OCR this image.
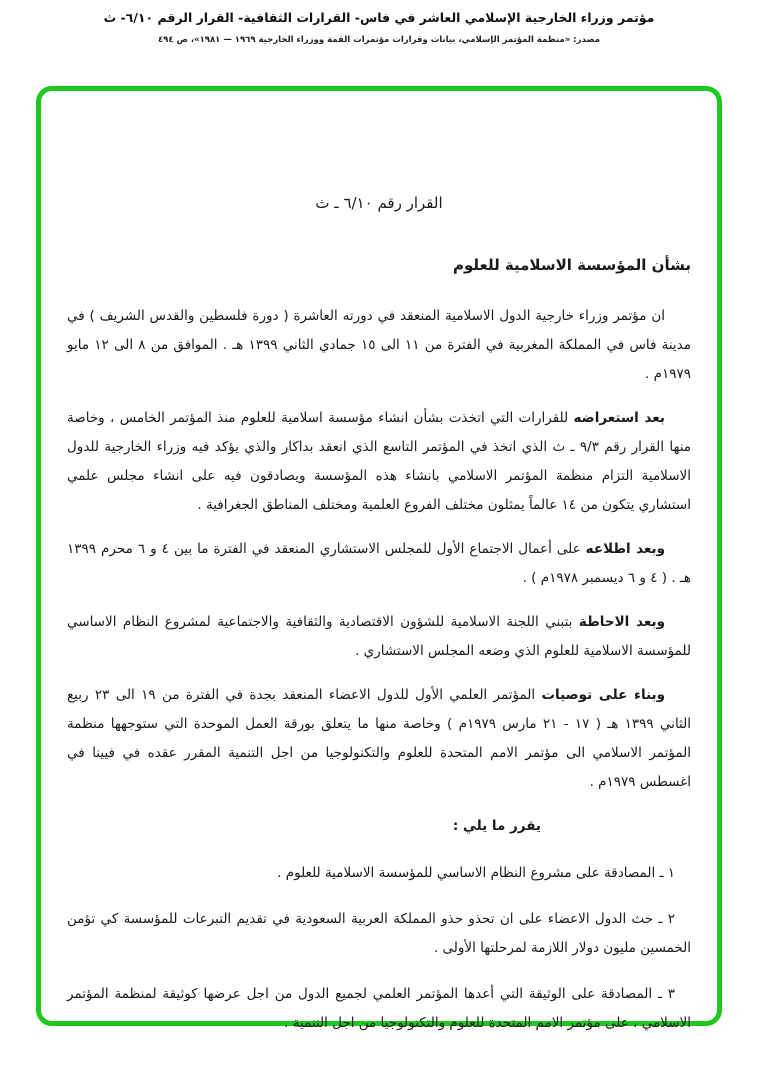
مؤتمر وزراء الخارجية الإسلامي العاشر في فاس- القرارات الثقافية- القرار الرقم ٦/١٠- ث
مصدر: «منظمة المؤتمر الإسلامي، بيانات وقرارات مؤتمرات القمة ووزراء الخارجية ١٩٦٩ — ١٩٨١»، ص ٤٩٤
القرار رقم ٦/١٠ ـ ث
بشأن المؤسسة الاسلامية للعلوم

ان مؤتمر وزراء خارجية الدول الاسلامية المنعقد في دورته العاشرة ( دورة فلسطين والقدس الشريف ) في مدينة فاس في المملكة المغربية في الفترة من ١١ الى ١٥ جمادي الثاني ١٣٩٩ هـ . الموافق من ٨ الى ١٢ مايو ١٩٧٩م .

بعد استعراضه للقرارات التي اتخذت بشأن انشاء مؤسسة اسلامية للعلوم منذ المؤتمر الخامس ، وخاصة منها القرار رقم ٩/٣ ـ ث الذي اتخذ في المؤتمر التاسع الذي انعقد بداكار والذي يؤكد فيه وزراء الخارجية للدول الاسلامية التزام منظمة المؤتمر الاسلامي بانشاء هذه المؤسسة ويصادقون فيه على انشاء مجلس علمي استشاري يتكون من ١٤ عالماً يمثلون مختلف الفروع العلمية ومختلف المناطق الجغرافية .

وبعد اطلاعه على أعمال الاجتماع الأول للمجلس الاستشاري المنعقد في الفترة ما بين ٤ و ٦ محرم ١٣٩٩ هـ . ( ٤ و ٦ ديسمبر ١٩٧٨م ) .

وبعد الاحاطة بتبني اللجنة الاسلامية للشؤون الاقتصادية والثقافية والاجتماعية لمشروع النظام الاساسي للمؤسسة الاسلامية للعلوم الذي وضعه المجلس الاستشاري .

وبناء على توصيات المؤتمر العلمي الأول للدول الاعضاء المنعقد بجدة في الفترة من ١٩ الى ٢٣ ربيع الثاني ١٣٩٩ هـ ( ١٧ - ٢١ مارس ١٩٧٩م ) وخاصة منها ما يتعلق بورقة العمل الموحدة التي ستوجهها منظمة المؤتمر الاسلامي الى مؤتمر الامم المتحدة للعلوم والتكنولوجيا من اجل التنمية المقرر عقده في فيينا في اغسطس ١٩٧٩م .

يقرر ما يلي :

١ ـ المصادقة على مشروع النظام الاساسي للمؤسسة الاسلامية للعلوم .

٢ ـ حث الدول الاعضاء على ان تحذو حذو المملكة العربية السعودية في تقديم التبرعات للمؤسسة كي تؤمن الخمسين مليون دولار اللازمة لمرحلتها الأولى .

٣ ـ المصادقة على الوثيقة التي أعدها المؤتمر العلمي لجميع الدول من اجل عرضها كوثيقة لمنظمة المؤتمر الاسلامي ، على مؤتمر الامم المتحدة للعلوم والتكنولوجيا من اجل التنمية .
